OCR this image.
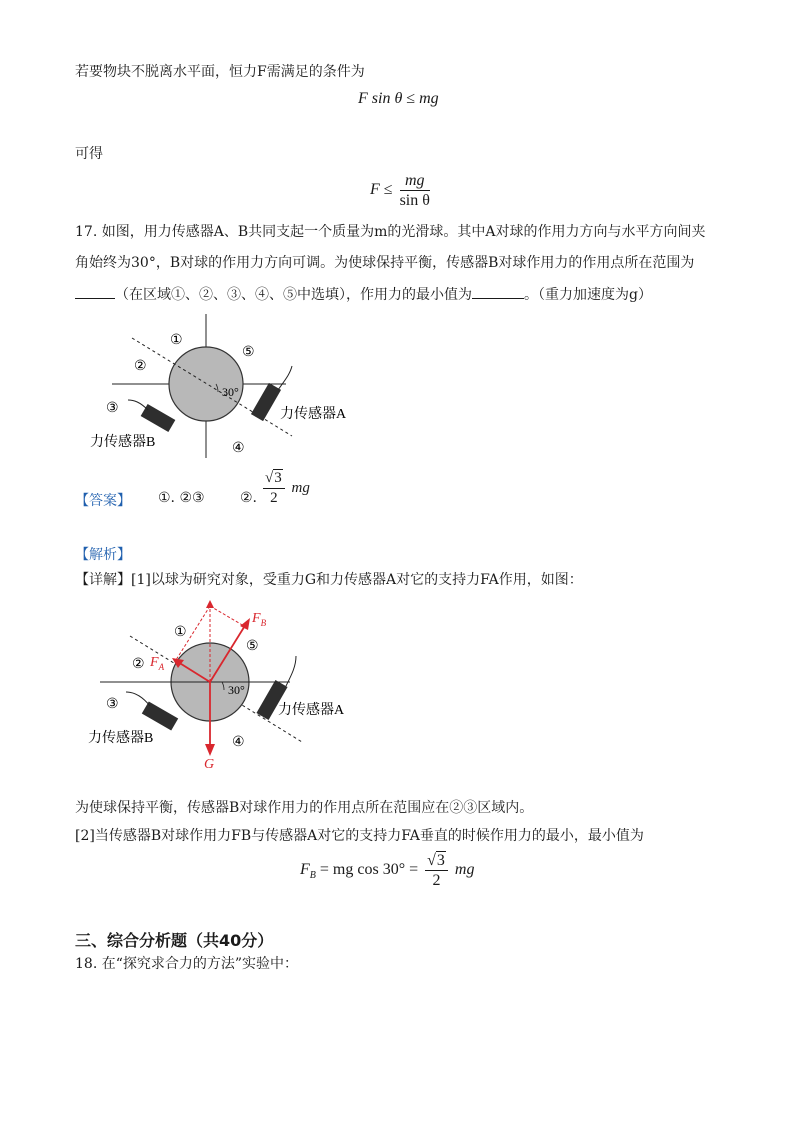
若要物块不脱离水平面，恒力F需满足的条件为
F sin θ ≤ mg
可得
$F \le \frac{mg}{\text{sin θ}}$
17. 如图，用力传感器A、B共同支起一个质量为m的光滑球。其中A对球的作用力方向与水平方向间夹
角始终为30°，B对球的作用力方向可调。为使球保持平衡，传感器B对球作用力的作用点所在范围为
（在区域①、②、③、④、⑤中选填），作用力的最小值为	。（重力加速度为g）
30°
①
②
③
④
⑤
力传感器A
力传感器B
【答案】 ①. ②③	②. $\frac{√3}{2}$ mg
【解析】
【详解】[1]以球为研究对象，受重力G和力传感器A对它的支持力FA作用，如图：
30°
G
$F_A$
$F_B$
①
②
③
④
⑤
力传感器A
力传感器B
为使球保持平衡，传感器B对球作用力的作用点所在范围应在②③区域内。
[2]当传感器B对球作用力FB与传感器A对它的支持力FA垂直的时候作用力的最小，最小值为
$F_B$ = mg $\cos 30^\circ = \frac{√3}{2}$ mg
三、综合分析题（共40分）
18. 在“探究求合力的方法”实验中：
